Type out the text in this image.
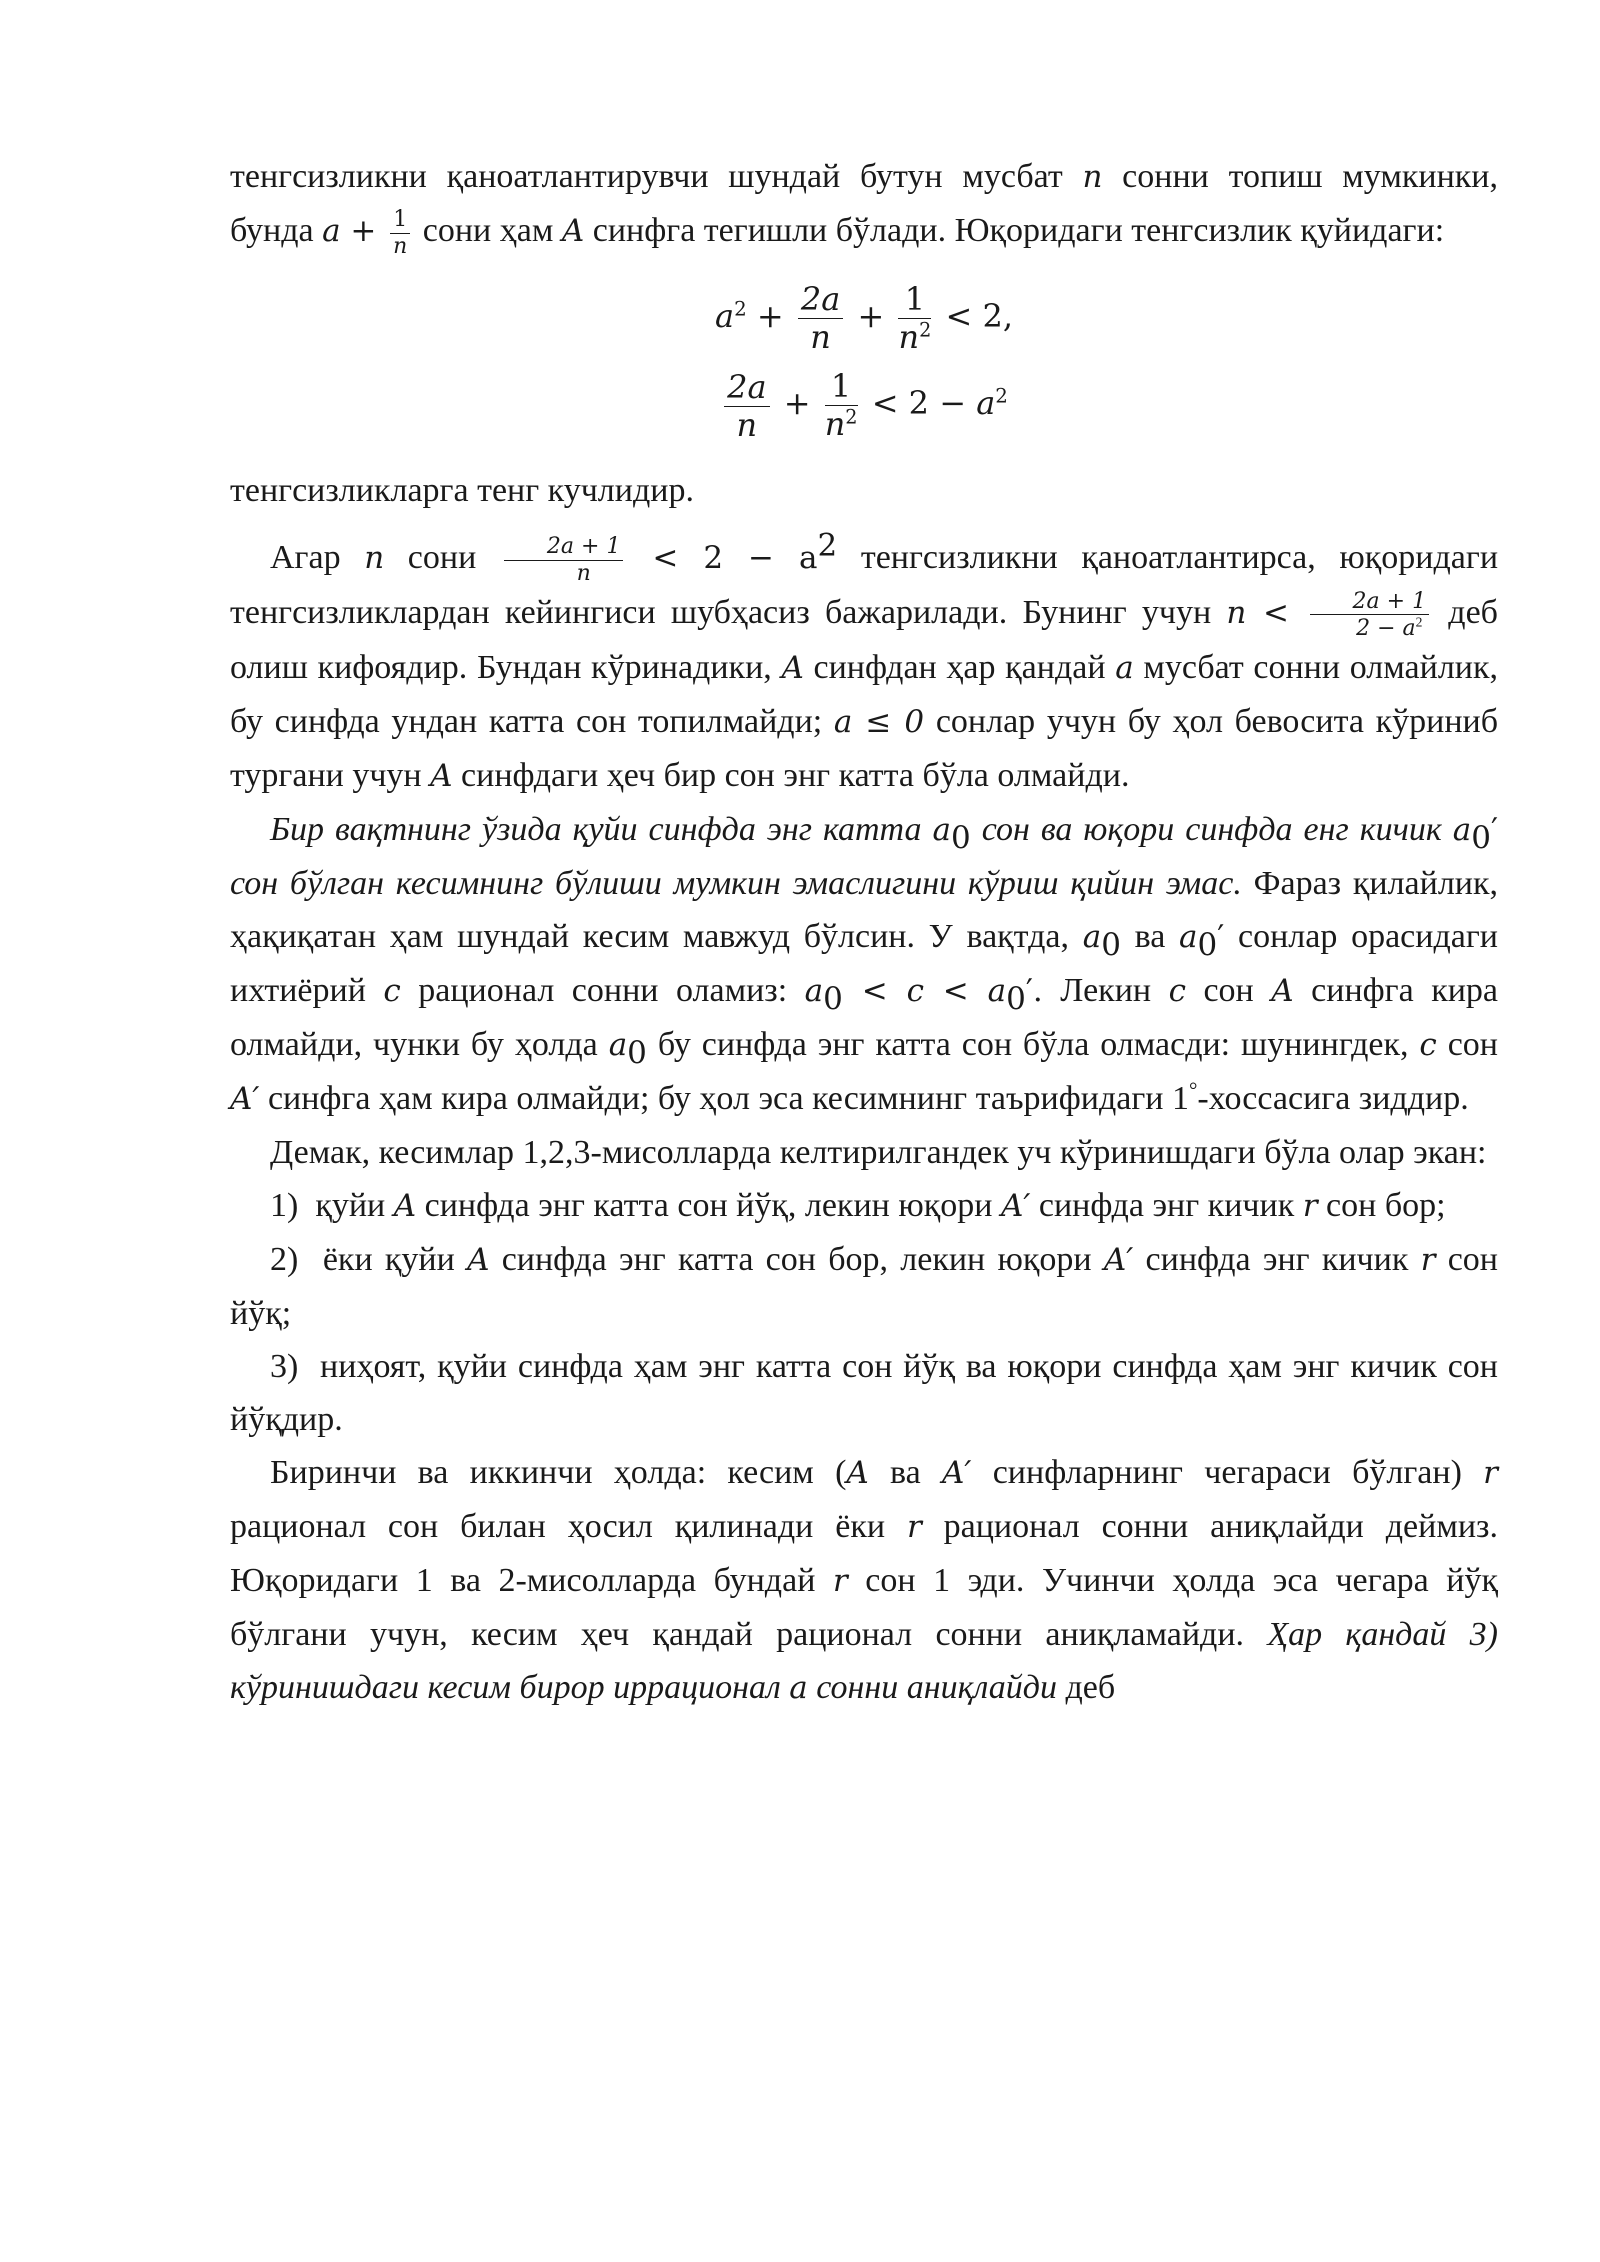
тенгсизликни қаноатлантирувчи шундай бутун мусбат n сонни топиш мумкинки, бунда $a + \frac{1}{n}$ сони ҳам A синфга тегишли бўлади. Юқоридаги тенгсизлик қуйидаги:

$a^2 + \frac{2a}{n} + \frac{1}{n^2} < 2$,
$\frac{2a}{n} + \frac{1}{n^2} < 2 - a^2$

тенгсизликларга тенг кучлидир.

Агар n сони $\frac{2a + 1}{n} < 2 - a^2$ тенгсизликни қаноатлантирса, юқоридаги тенгсизликлардан кейингиси шубҳасиз бажарилади. Бунинг учун $n < \frac{2a + 1}{2 - a^2}$ деб олиш кифоядир. Бундан кўринадики, A синфдан ҳар қандай a мусбат сонни олмайлик, бу синфда ундан катта сон топилмайди; a ≤ 0 сонлар учун бу ҳол бевосита кўриниб тургани учун A синфдаги ҳеч бир сон энг катта бўла олмайди.

Бир вақтнинг ўзида қуйи синфда энг катта $a_0$ сон ва юқори синфда енг кичик $a_0'$ сон бўлган кесимнинг бўлиши мумкин эмаслигини кўриш қийин эмас. Фараз қилайлик, ҳақиқатан ҳам шундай кесим мавжуд бўлсин. У вақтда, $a_0$ ва $a_0'$ сонлар орасидаги ихтиёрий c рационал сонни оламиз: $a_0 < c < a_0'$. Лекин c сон A синфга кира олмайди, чунки бу ҳолда $a_0$ бу синфда энг катта сон бўла олмасди: шунингдек, c сон A′ синфга ҳам кира олмайди; бу ҳол эса кесимнинг таърифидаги 1°-хоссасига зиддир.

Демак, кесимлар 1,2,3-мисолларда келтирилгандек уч кўринишдаги бўла олар экан:

1) қуйи A синфда энг катта сон йўқ, лекин юқори A′ синфда энг кичик r сон бор;

2) ёки қуйи A синфда энг катта сон бор, лекин юқори A′ синфда энг кичик r сон йўқ;

3) ниҳоят, қуйи синфда ҳам энг катта сон йўқ ва юқори синфда ҳам энг кичик сон йўқдир.

Биринчи ва иккинчи ҳолда: кесим (A ва A′ синфларнинг чегараси бўлган) r рационал сон билан ҳосил қилинади ёки r рационал сонни аниқлайди деймиз. Юқоридаги 1 ва 2-мисолларда бундай r сон 1 эди. Учинчи ҳолда эса чегара йўқ бўлгани учун, кесим ҳеч қандай рационал сонни аниқламайди. Ҳар қандай 3) кўринишдаги кесим бирор иррационал a сонни аниқлайди деб
